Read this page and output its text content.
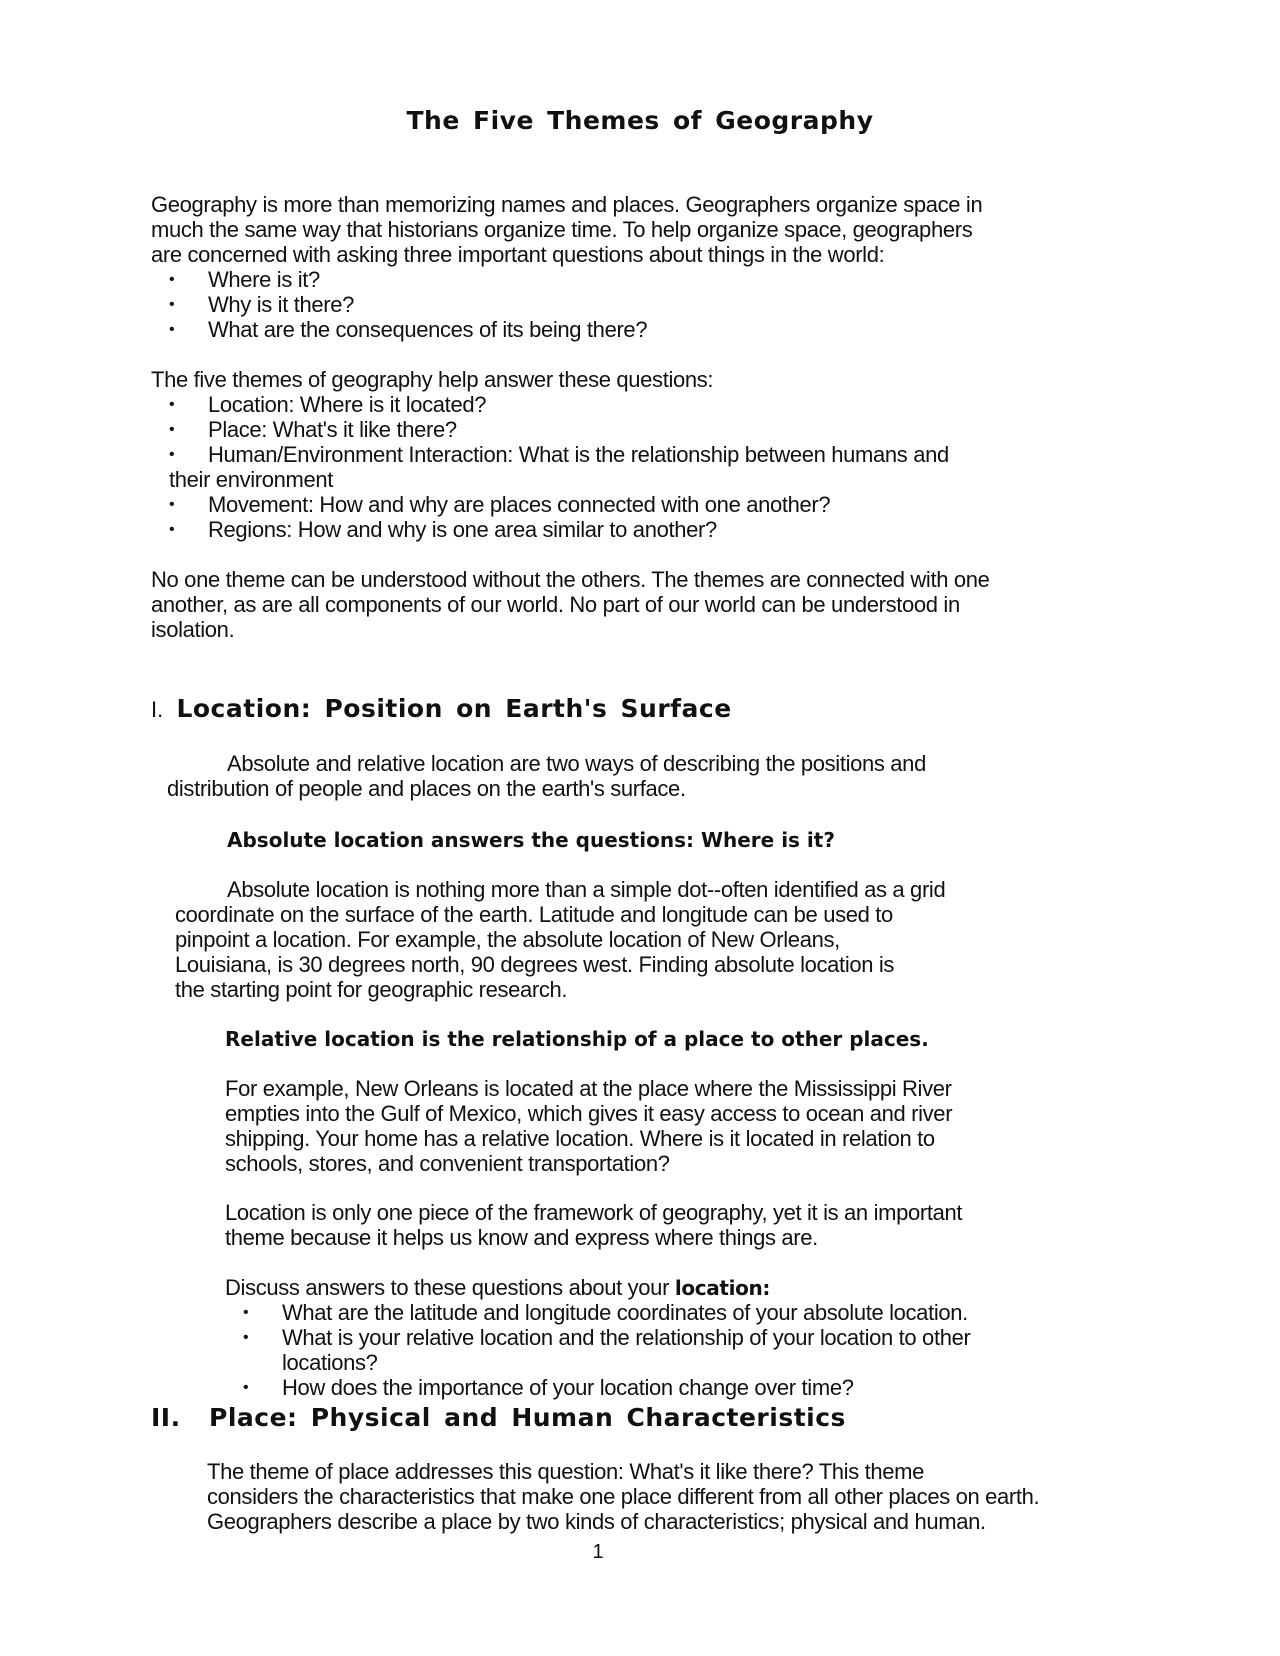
The Five Themes of Geography
Geography is more than memorizing names and places. Geographers organize space in
much the same way that historians organize time. To help organize space, geographers
are concerned with asking three important questions about things in the world:
• Where is it?
• Why is it there?
• What are the consequences of its being there?
The five themes of geography help answer these questions:
• Location: Where is it located?
• Place: What's it like there?
• Human/Environment Interaction: What is the relationship between humans and
their environment
• Movement: How and why are places connected with one another?
• Regions: How and why is one area similar to another?
No one theme can be understood without the others. The themes are connected with one
another, as are all components of our world. No part of our world can be understood in
isolation.
I. Location: Position on Earth's Surface
Absolute and relative location are two ways of describing the positions and
distribution of people and places on the earth's surface.
Absolute location answers the questions: Where is it?
Absolute location is nothing more than a simple dot--often identified as a grid
coordinate on the surface of the earth. Latitude and longitude can be used to
pinpoint a location. For example, the absolute location of New Orleans,
Louisiana, is 30 degrees north, 90 degrees west. Finding absolute location is
the starting point for geographic research.
Relative location is the relationship of a place to other places.
For example, New Orleans is located at the place where the Mississippi River
empties into the Gulf of Mexico, which gives it easy access to ocean and river
shipping. Your home has a relative location. Where is it located in relation to
schools, stores, and convenient transportation?
Location is only one piece of the framework of geography, yet it is an important
theme because it helps us know and express where things are.
Discuss answers to these questions about your location:
• What are the latitude and longitude coordinates of your absolute location.
• What is your relative location and the relationship of your location to other
locations?
• How does the importance of your location change over time?
II. Place: Physical and Human Characteristics
The theme of place addresses this question: What's it like there? This theme
considers the characteristics that make one place different from all other places on earth.
Geographers describe a place by two kinds of characteristics; physical and human.
1
